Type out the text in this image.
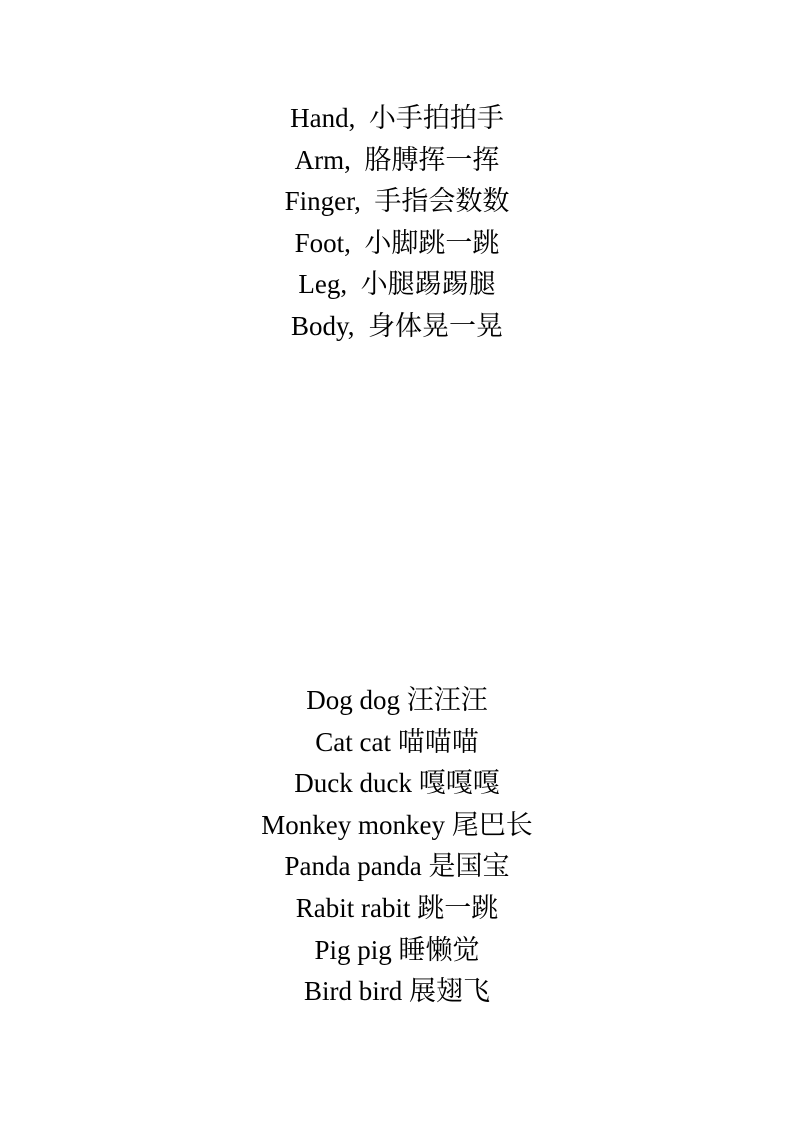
Hand, 小手拍拍手
Arm, 胳膊挥一挥
Finger, 手指会数数
Foot, 小脚跳一跳
Leg, 小腿踢踢腿
Body, 身体晃一晃
Dog dog 汪汪汪
Cat cat 喵喵喵
Duck duck 嘎嘎嘎
Monkey monkey 尾巴长
Panda panda 是国宝
Rabit rabit 跳一跳
Pig pig 睡懒觉
Bird bird 展翅飞
